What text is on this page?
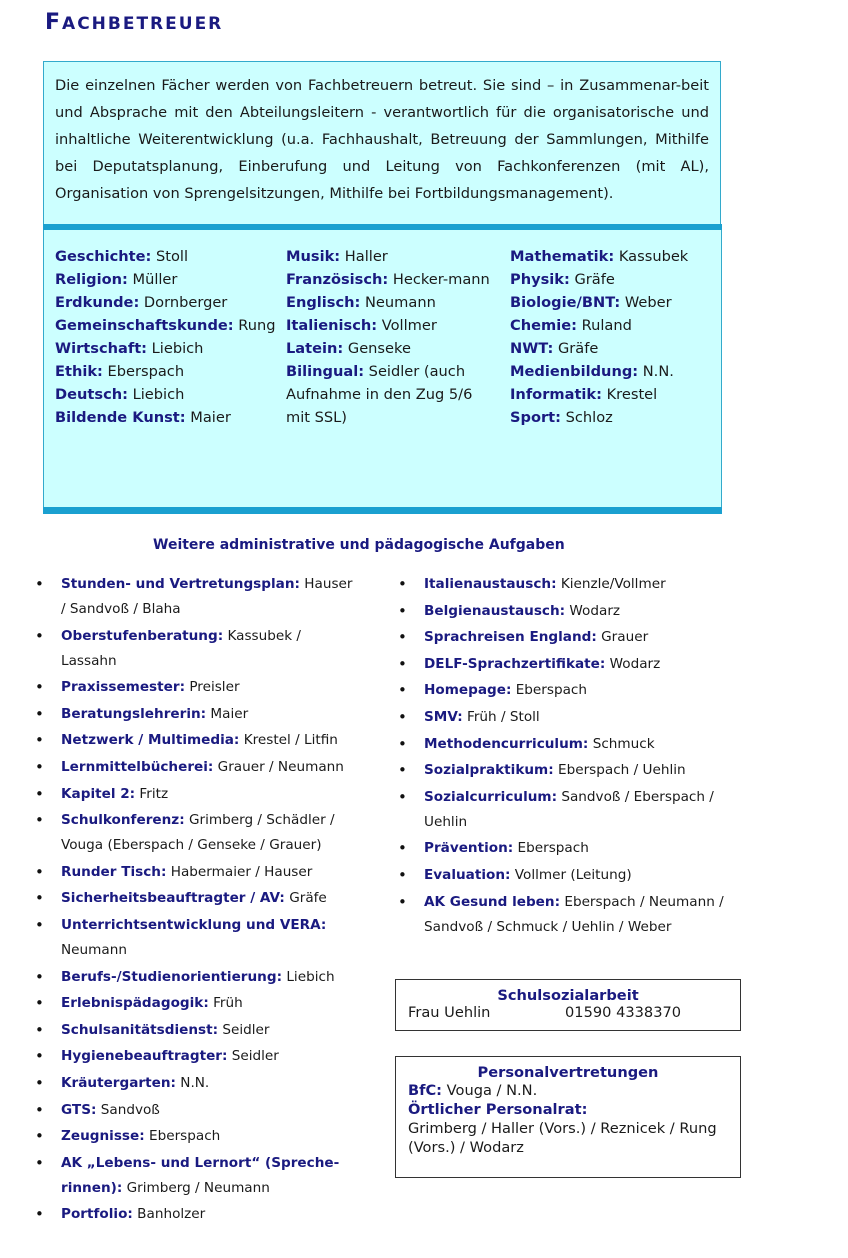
FACHBETREUER

Die einzelnen Fächer werden von Fachbetreuern betreut. Sie sind – in Zusammenar-beit und Absprache mit den Abteilungsleitern - verantwortlich für die organisatorische und inhaltliche Weiterentwicklung (u.a. Fachhaushalt, Betreuung der Sammlungen, Mithilfe bei Deputatsplanung, Einberufung und Leitung von Fachkonferenzen (mit AL), Organisation von Sprengelsitzungen, Mithilfe bei Fortbildungsmanagement).

Geschichte: Stoll
Religion: Müller
Erdkunde: Dornberger
Gemeinschaftskunde: Rung
Wirtschaft: Liebich
Ethik: Eberspach
Deutsch: Liebich
Bildende Kunst: Maier
Musik: Haller
Französisch: Hecker-mann
Englisch: Neumann
Italienisch: Vollmer
Latein: Genseke
Bilingual: Seidler (auch Aufnahme in den Zug 5/6 mit SSL)
Mathematik: Kassubek
Physik: Gräfe
Biologie/BNT: Weber
Chemie: Ruland
NWT: Gräfe
Medienbildung: N.N.
Informatik: Krestel
Sport: Schloz
Weitere administrative und pädagogische Aufgaben
• Stunden- und Vertretungsplan: Hauser / Sandvoß / Blaha
• Oberstufenberatung: Kassubek / Lassahn
• Praxissemester: Preisler
• Beratungslehrerin: Maier
• Netzwerk / Multimedia: Krestel / Litfin
• Lernmittelbücherei: Grauer / Neumann
• Kapitel 2: Fritz
• Schulkonferenz: Grimberg / Schädler / Vouga (Eberspach / Genseke / Grauer)
• Runder Tisch: Habermaier / Hauser
• Sicherheitsbeauftragter / AV: Gräfe
• Unterrichtsentwicklung und VERA: Neumann
• Berufs-/Studienorientierung: Liebich
• Erlebnispädagogik: Früh
• Schulsanitätsdienst: Seidler
• Hygienebeauftragter: Seidler
• Kräutergarten: N.N.
• GTS: Sandvoß
• Zeugnisse: Eberspach
• AK „Lebens- und Lernort“ (Spreche-rinnen): Grimberg / Neumann
• Portfolio: Banholzer
• Italienaustausch: Kienzle/Vollmer
• Belgienaustausch: Wodarz
• Sprachreisen England: Grauer
• DELF-Sprachzertifikate: Wodarz
• Homepage: Eberspach
• SMV: Früh / Stoll
• Methodencurriculum: Schmuck
• Sozialpraktikum: Eberspach / Uehlin
• Sozialcurriculum: Sandvoß / Eberspach / Uehlin
• Prävention: Eberspach
• Evaluation: Vollmer (Leitung)
• AK Gesund leben: Eberspach / Neumann / Sandvoß / Schmuck / Uehlin / Weber
Schulsozialarbeit
Frau Uehlin	01590 4338370
Personalvertretungen
BfC: Vouga / N.N.
Örtlicher Personalrat:
Grimberg / Haller (Vors.) / Reznicek / Rung (Vors.) / Wodarz
